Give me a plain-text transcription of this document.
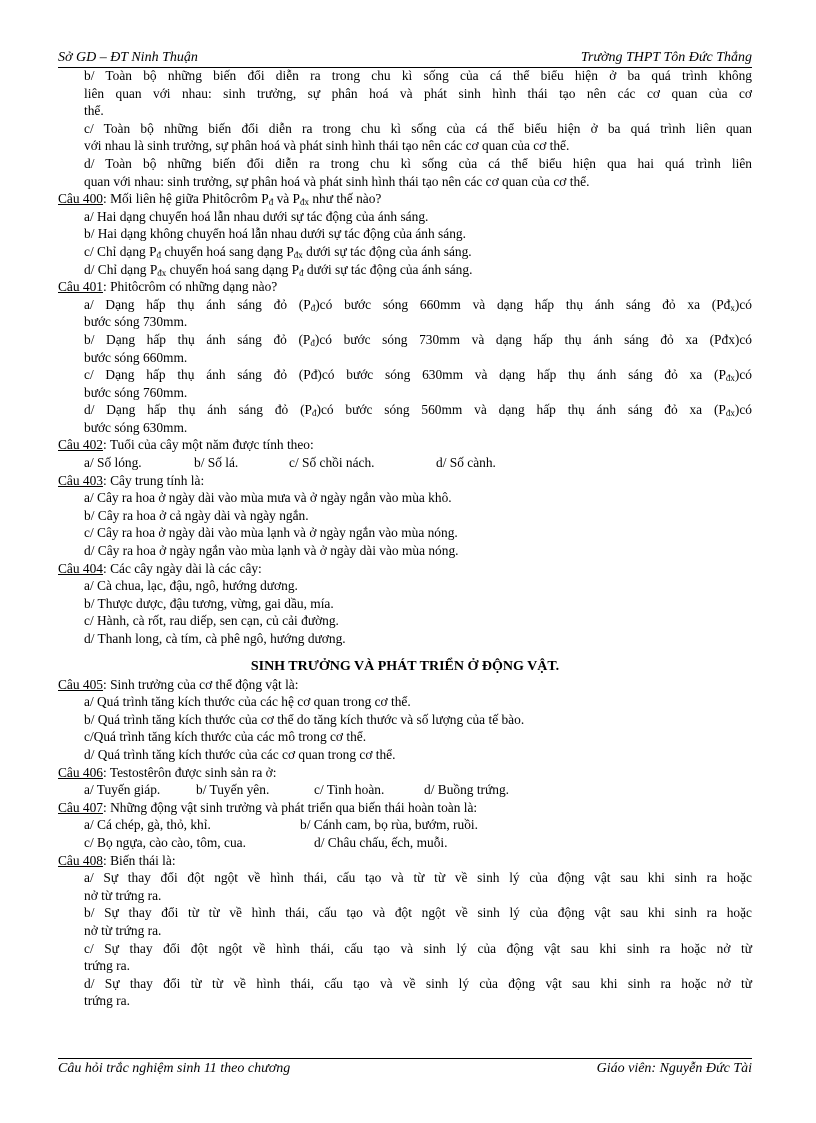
Sở GD – ĐT Ninh Thuận	Trường THPT Tôn Đức Thắng
b/ Toàn bộ những biến đổi diễn ra trong chu kì sống của cá thể biểu hiện ở ba quá trình không
liên quan với nhau: sinh trưởng, sự phân hoá và phát sinh hình thái tạo nên các cơ quan của cơ
thể.
c/ Toàn bộ những biến đổi diễn ra trong chu kì sống của cá thể biểu hiện ở ba quá trình liên quan
với nhau là sinh trưởng, sự phân hoá và phát sinh hình thái tạo nên các cơ quan của cơ thể.
d/ Toàn bộ những biến đổi diễn ra trong chu kì sống của cá thể biểu hiện qua hai quá trình liên
quan với nhau: sinh trưởng, sự phân hoá và phát sinh hình thái tạo nên các cơ quan của cơ thể.
Câu 400: Mối liên hệ giữa Phitôcrôm $P_đ$ và $P_{đx}$ như thế nào?
a/ Hai dạng chuyển hoá lẫn nhau dưới sự tác động của ánh sáng.
b/ Hai dạng không chuyển hoá lẫn nhau dưới sự tác động của ánh sáng.
c/ Chỉ dạng $P_đ$ chuyển hoá sang dạng $P_{đx}$ dưới sự tác động của ánh sáng.
d/ Chỉ dạng $P_{đx}$ chuyển hoá sang dạng $P_đ$ dưới sự tác động của ánh sáng.
Câu 401: Phitôcrôm có những dạng nào?
a/ Dạng hấp thụ ánh sáng đỏ $(P_đ)có$ bước sóng 660mm và dạng hấp thụ ánh sáng đỏ xa $(Pđ_x)có$
bước sóng 730mm.
b/ Dạng hấp thụ ánh sáng đỏ $(P_đ)có$ bước sóng 730mm và dạng hấp thụ ánh sáng đỏ xa (Pđx)có
bước sóng 660mm.
c/ Dạng hấp thụ ánh sáng đỏ (Pđ)có bước sóng 630mm và dạng hấp thụ ánh sáng đỏ xa $(P_{đx})có$
bước sóng 760mm.
d/ Dạng hấp thụ ánh sáng đỏ $(P_đ)có$ bước sóng 560mm và dạng hấp thụ ánh sáng đỏ xa $(P_{đx})có$
bước sóng 630mm.
Câu 402: Tuổi của cây một năm được tính theo:
a/ Số lóng.	b/ Số lá.	c/ Số chồi nách.	d/ Số cành.
Câu 403: Cây trung tính là:
a/ Cây ra hoa ở ngày dài vào mùa mưa và ở ngày ngắn vào mùa khô.
b/ Cây ra hoa ở cả ngày dài và ngày ngắn.
c/ Cây ra hoa ở ngày dài vào mùa lạnh và ở ngày ngắn vào mùa nóng.
d/ Cây ra hoa ở ngày ngắn vào mùa lạnh và ở ngày dài vào mùa nóng.
Câu 404: Các cây ngày dài là các cây:
a/ Cà chua, lạc, đậu, ngô, hướng dương.
b/ Thược dược, đậu tương, vừng, gai dầu, mía.
c/ Hành, cà rốt, rau diếp, sen cạn, củ cải đường.
d/ Thanh long, cà tím, cà phê ngô, hướng dương.
SINH TRƯỞNG VÀ PHÁT TRIỂN Ở ĐỘNG VẬT.
Câu 405: Sinh trưởng của cơ thể động vật là:
a/ Quá trình tăng kích thước của các hệ cơ quan trong cơ thể.
b/ Quá trình tăng kích thước của cơ thể do tăng kích thước và số lượng của tế bào.
c/Quá trình tăng kích thước của các mô trong cơ thể.
d/ Quá trình tăng kích thước của các cơ quan trong cơ thể.
Câu 406: Testostêrôn được sinh sản ra ở:
a/ Tuyến giáp.	b/ Tuyến yên.	c/ Tinh hoàn.	d/ Buồng trứng.
Câu 407: Những động vật sinh trưởng và phát triển qua biến thái hoàn toàn là:
a/ Cá chép, gà, thỏ, khỉ.	b/ Cánh cam, bọ rùa, bướm, ruồi.
c/ Bọ ngựa, cào cào, tôm, cua.	d/ Châu chấu, ếch, muỗi.
Câu 408: Biến thái là:
a/ Sự thay đổi đột ngột về hình thái, cấu tạo và từ từ về sinh lý của động vật sau khi sinh ra hoặc
nở từ trứng ra.
b/ Sự thay đổi từ từ về hình thái, cấu tạo và đột ngột về sinh lý của động vật sau khi sinh ra hoặc
nở từ trứng ra.
c/ Sự thay đổi đột ngột về hình thái, cấu tạo và sinh lý của động vật sau khi sinh ra hoặc nở từ
trứng ra.
d/ Sự thay đổi từ từ về hình thái, cấu tạo và về sinh lý của động vật sau khi sinh ra hoặc nở từ
trứng ra.
Câu hỏi trắc nghiệm sinh 11 theo chương	Giáo viên: Nguyễn Đức Tài
